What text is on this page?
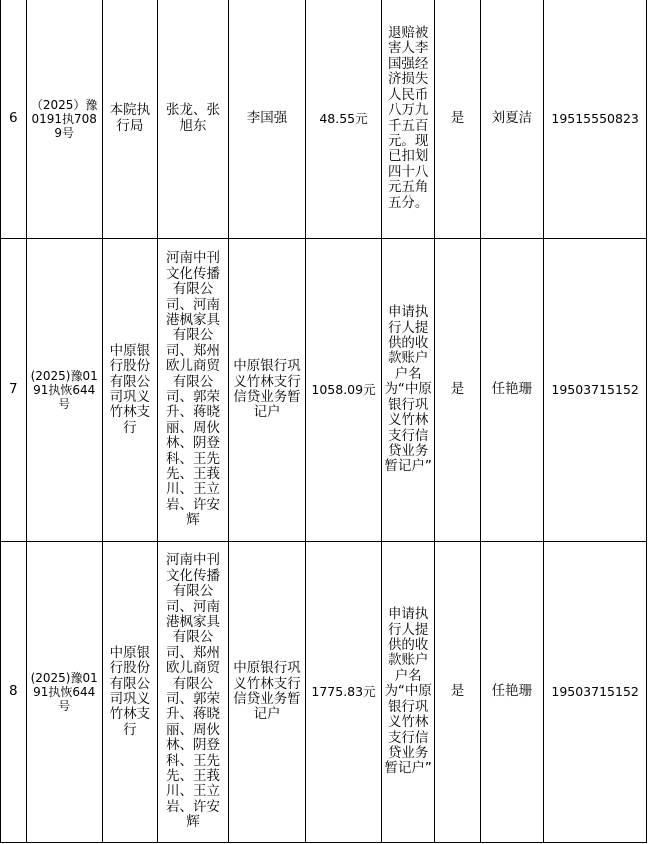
6	（2025）豫0191执7089号	本院执行局	张龙、张旭东	李国强	48.55元	退赔被害人李国强经济损失人民币八万九千五百元。现已扣划四十八元五角五分。	是	刘夏洁	19515550823
7	(2025)豫0191执恢644号	中原银行股份有限公司巩义竹林支行	河南中刊文化传播有限公司、河南港枫家具有限公司、郑州欧儿商贸有限公司、郭荣升、蒋晓丽、周伙林、阴登科、王先先、王莪川、王立岩、许安辉	中原银行巩义竹林支行信贷业务暂记户	1058.09元	申请执行人提供的收款账户户名为“中原银行巩义竹林支行信贷业务暂记户”	是	任艳珊	19503715152
8	(2025)豫0191执恢644号	中原银行股份有限公司巩义竹林支行	河南中刊文化传播有限公司、河南港枫家具有限公司、郑州欧儿商贸有限公司、郭荣升、蒋晓丽、周伙林、阴登科、王先先、王莪川、王立岩、许安辉	中原银行巩义竹林支行信贷业务暂记户	1775.83元	申请执行人提供的收款账户户名为“中原银行巩义竹林支行信贷业务暂记户”	是	任艳珊	19503715152
